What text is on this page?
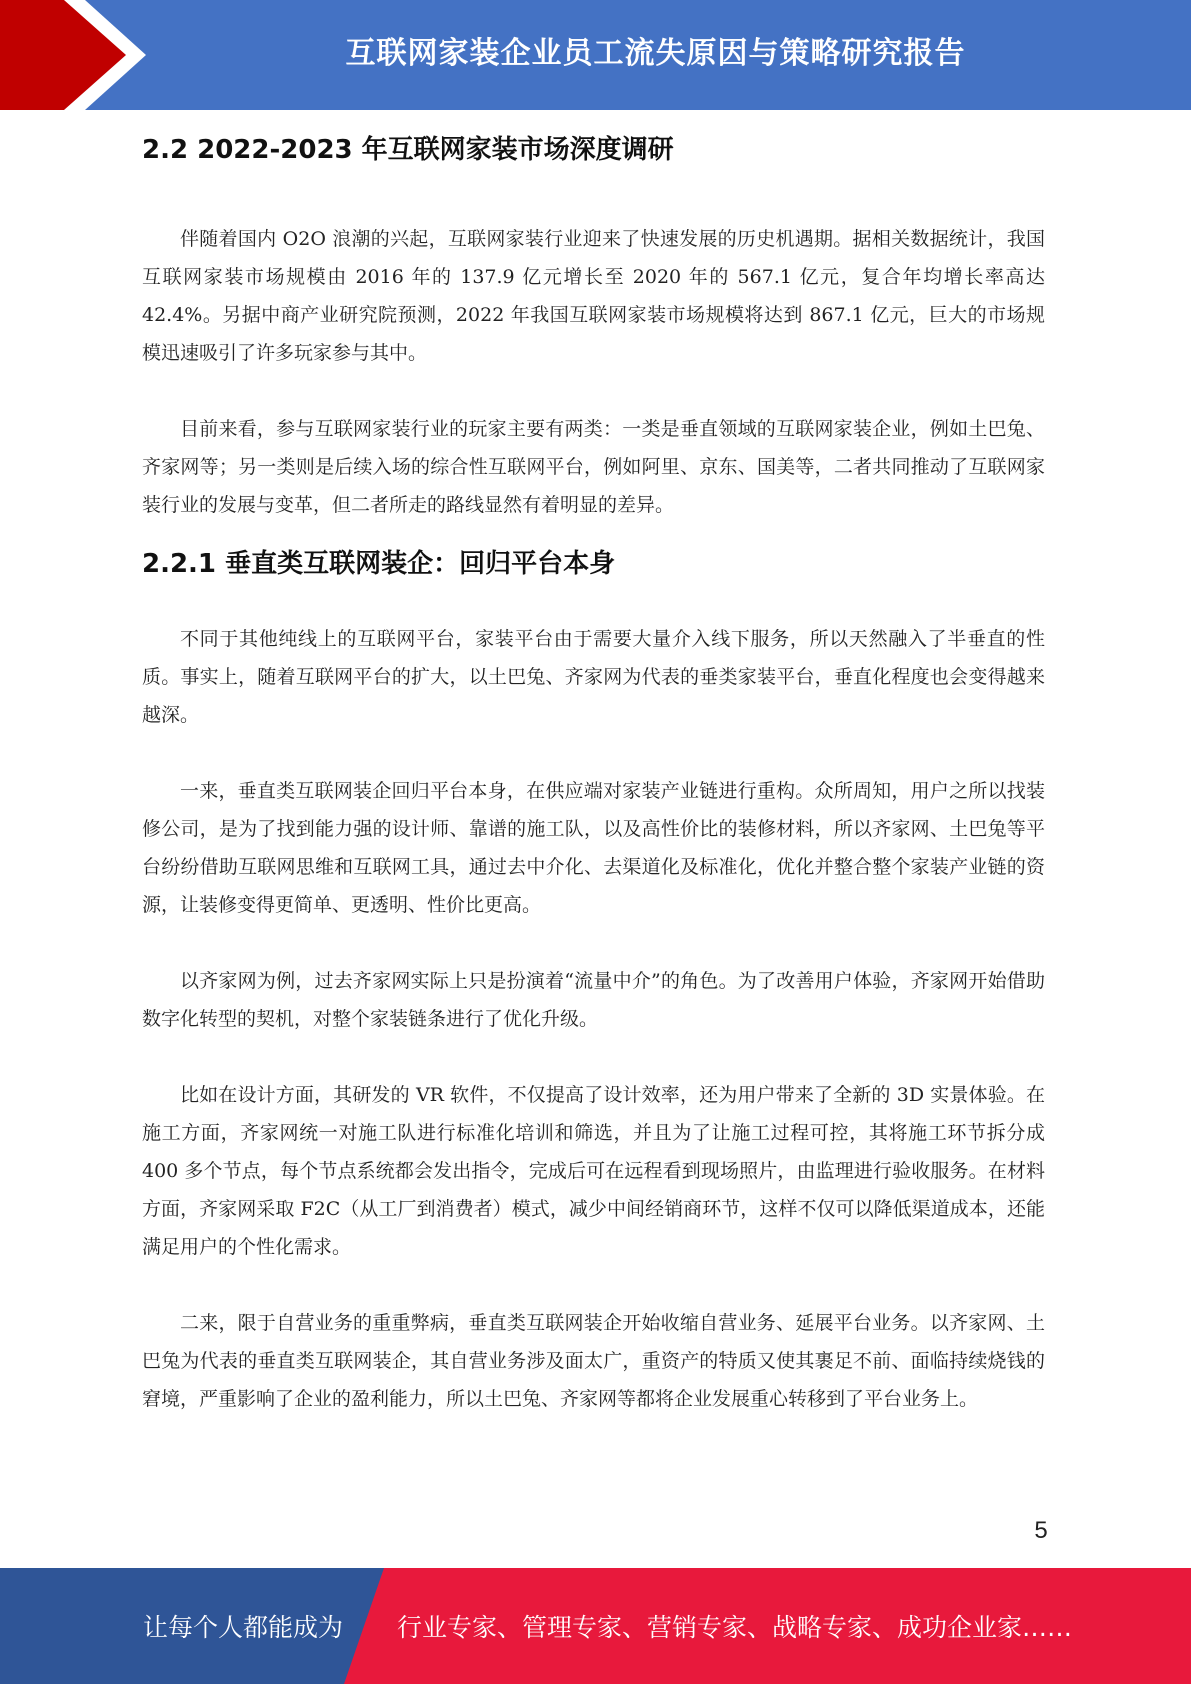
互联网家装企业员工流失原因与策略研究报告
2.2 2022-2023 年互联网家装市场深度调研

伴随着国内 O2O 浪潮的兴起，互联网家装行业迎来了快速发展的历史机遇期。据相关数据统计，我国互联网家装市场规模由 2016 年的 137.9 亿元增长至 2020 年的 567.1 亿元，复合年均增长率高达 42.4%。另据中商产业研究院预测，2022 年我国互联网家装市场规模将达到 867.1 亿元，巨大的市场规模迅速吸引了许多玩家参与其中。

目前来看，参与互联网家装行业的玩家主要有两类：一类是垂直领域的互联网家装企业，例如土巴兔、齐家网等；另一类则是后续入场的综合性互联网平台，例如阿里、京东、国美等，二者共同推动了互联网家装行业的发展与变革，但二者所走的路线显然有着明显的差异。

2.2.1 垂直类互联网装企：回归平台本身

不同于其他纯线上的互联网平台，家装平台由于需要大量介入线下服务，所以天然融入了半垂直的性质。事实上，随着互联网平台的扩大，以土巴兔、齐家网为代表的垂类家装平台，垂直化程度也会变得越来越深。

一来，垂直类互联网装企回归平台本身，在供应端对家装产业链进行重构。众所周知，用户之所以找装修公司，是为了找到能力强的设计师、靠谱的施工队，以及高性价比的装修材料，所以齐家网、土巴兔等平台纷纷借助互联网思维和互联网工具，通过去中介化、去渠道化及标准化，优化并整合整个家装产业链的资源，让装修变得更简单、更透明、性价比更高。

以齐家网为例，过去齐家网实际上只是扮演着“流量中介”的角色。为了改善用户体验，齐家网开始借助数字化转型的契机，对整个家装链条进行了优化升级。

比如在设计方面，其研发的 VR 软件，不仅提高了设计效率，还为用户带来了全新的 3D 实景体验。在施工方面，齐家网统一对施工队进行标准化培训和筛选，并且为了让施工过程可控，其将施工环节拆分成 400 多个节点，每个节点系统都会发出指令，完成后可在远程看到现场照片，由监理进行验收服务。在材料方面，齐家网采取 F2C（从工厂到消费者）模式，减少中间经销商环节，这样不仅可以降低渠道成本，还能满足用户的个性化需求。

二来，限于自营业务的重重弊病，垂直类互联网装企开始收缩自营业务、延展平台业务。以齐家网、土巴兔为代表的垂直类互联网装企，其自营业务涉及面太广，重资产的特质又使其裹足不前、面临持续烧钱的窘境，严重影响了企业的盈利能力，所以土巴兔、齐家网等都将企业发展重心转移到了平台业务上。

5
让每个人都能成为 行业专家、管理专家、营销专家、战略专家、成功企业家……
